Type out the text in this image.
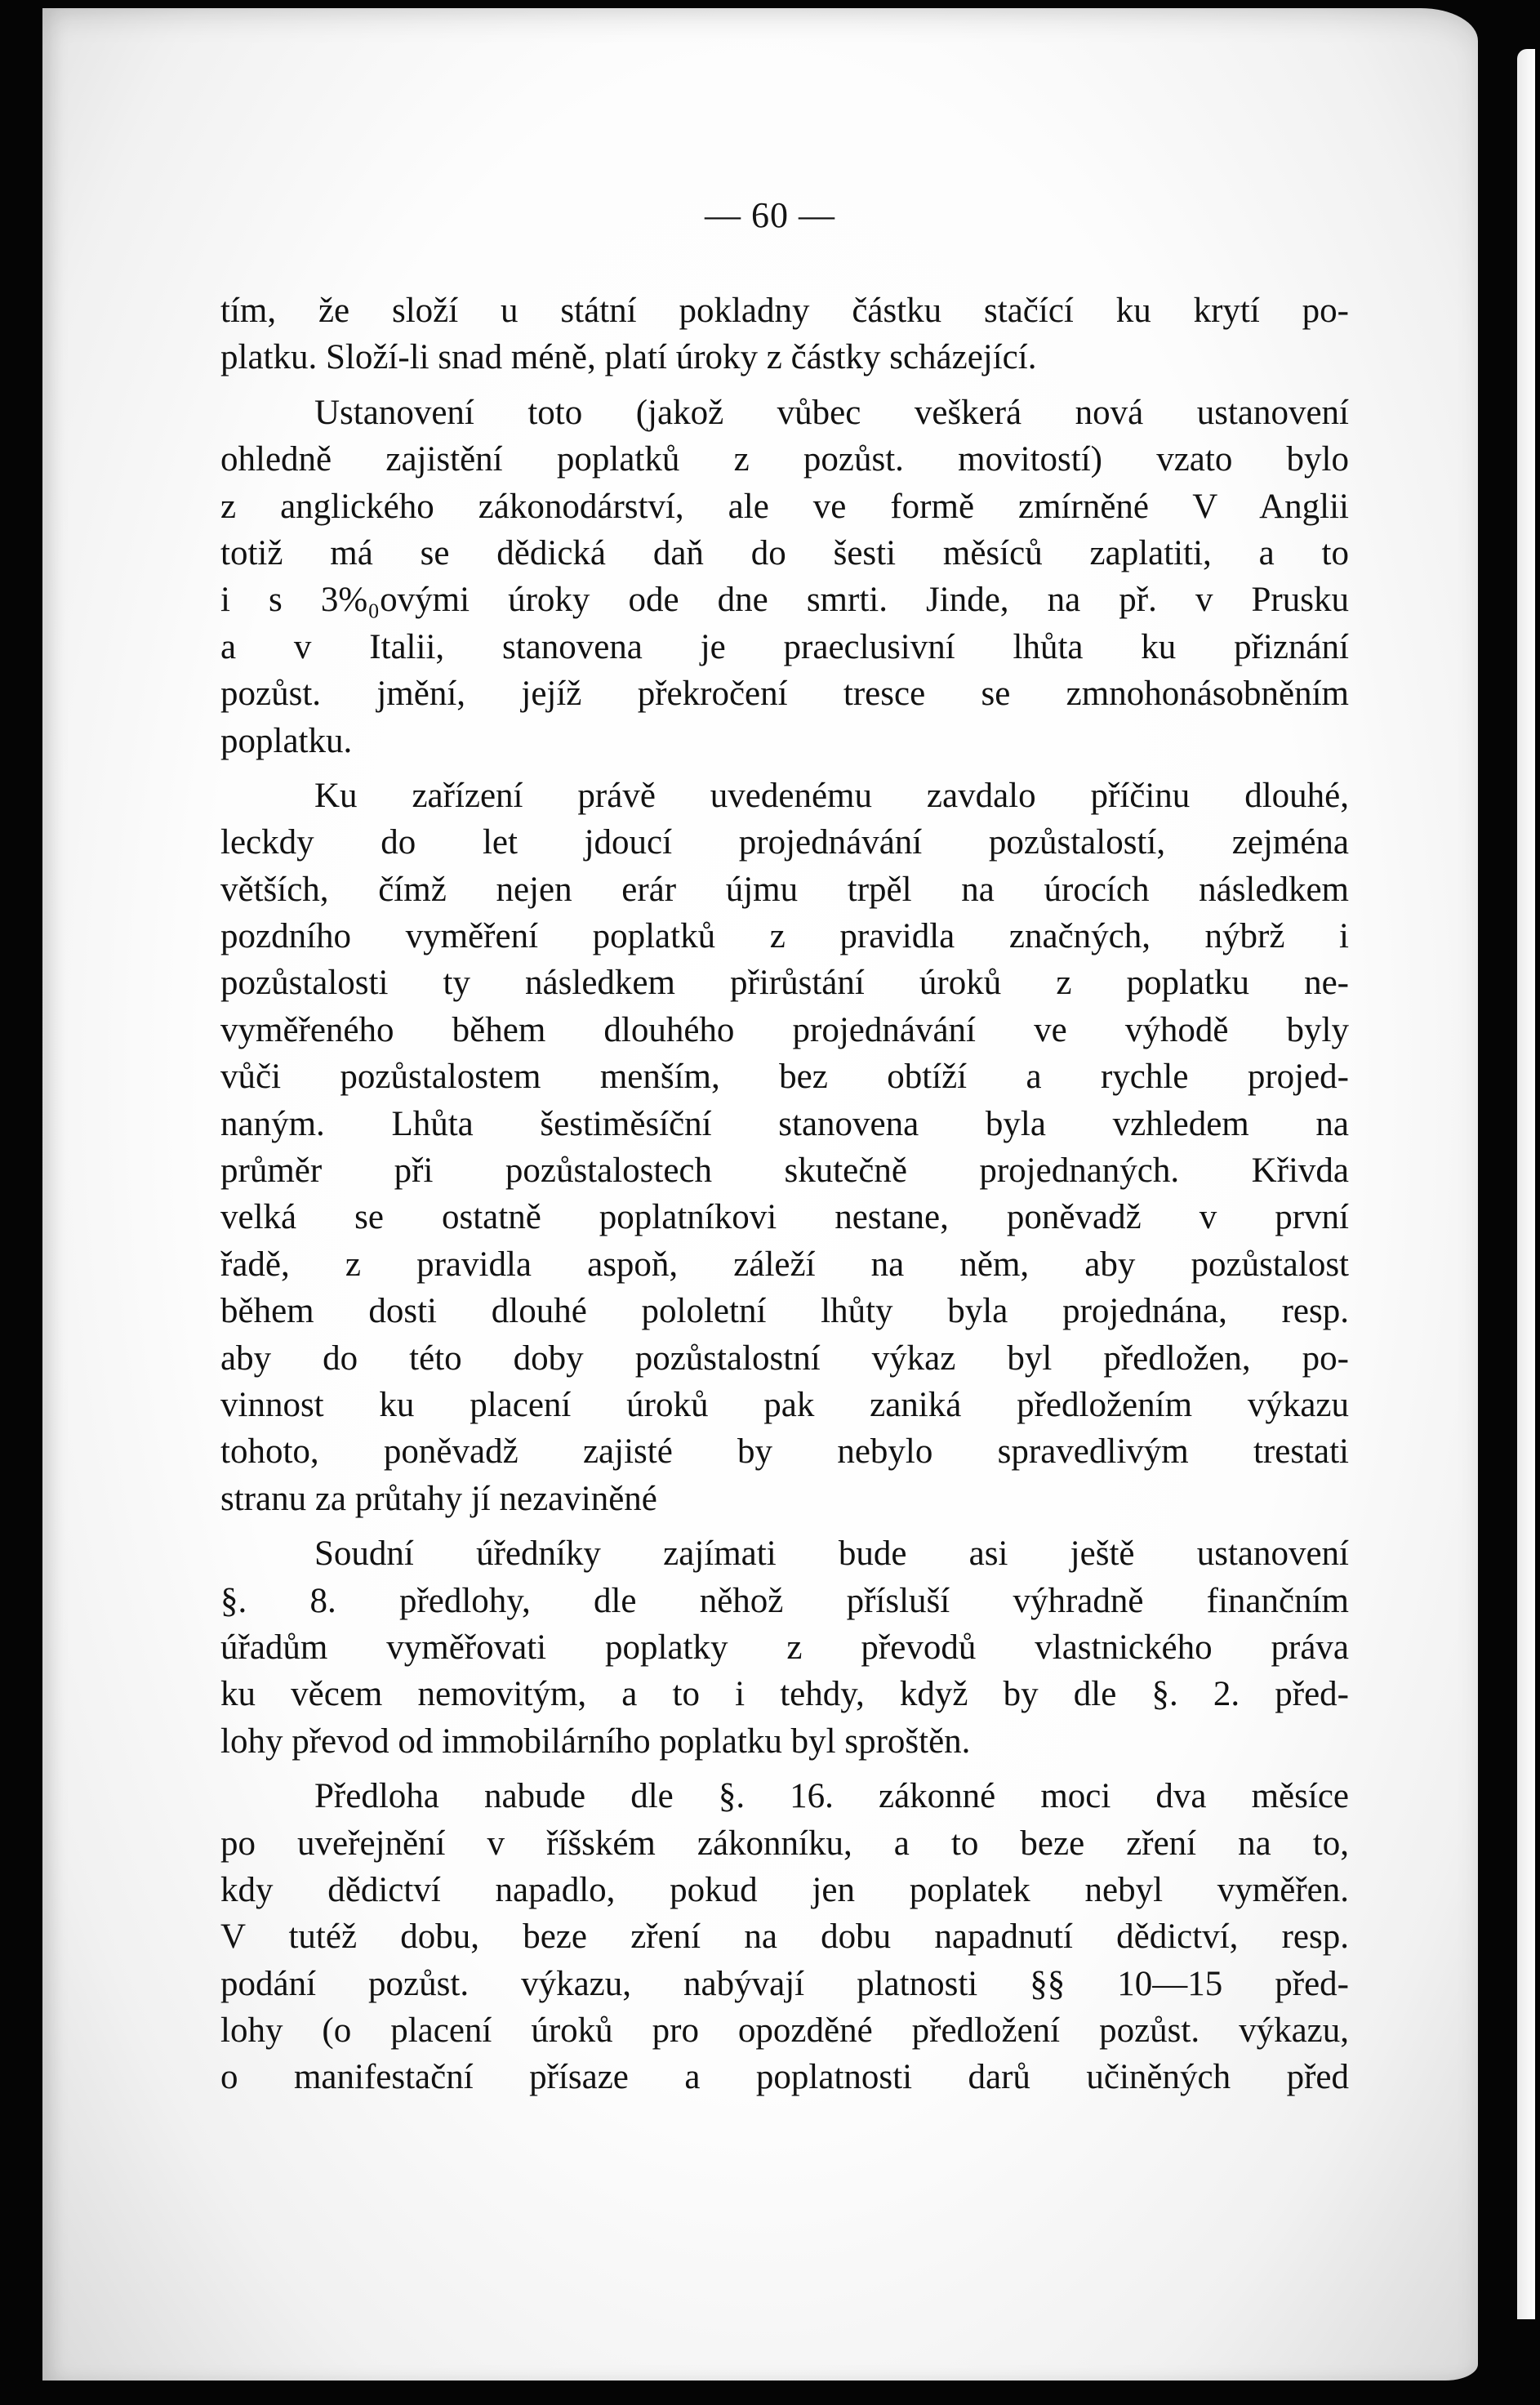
— 60 —
tím, že složí u státní pokladny částku stačící ku krytí po-
platku. Složí-li snad méně, platí úroky z částky scházející.
Ustanovení toto (jakož vůbec veškerá nová ustanovení
ohledně zajistění poplatků z pozůst. movitostí) vzato bylo
z anglického zákonodárství, ale ve formě zmírněné V Anglii
totiž má se dědická daň do šesti měsíců zaplatiti, a to
i s 3%₀ovými úroky ode dne smrti. Jinde, na př. v Prusku
a v Italii, stanovena je praeclusivní lhůta ku přiznání
pozůst. jmění, jejíž překročení tresce se zmnohonásobněním
poplatku.
Ku zařízení právě uvedenému zavdalo příčinu dlouhé,
leckdy do let jdoucí projednávání pozůstalostí, zejména
větších, čímž nejen erár újmu trpěl na úrocích následkem
pozdního vyměření poplatků z pravidla značných, nýbrž i
pozůstalosti ty následkem přirůstání úroků z poplatku ne-
vyměřeného během dlouhého projednávání ve výhodě byly
vůči pozůstalostem menším, bez obtíží a rychle projed-
naným. Lhůta šestiměsíční stanovena byla vzhledem na
průměr při pozůstalostech skutečně projednaných. Křivda
velká se ostatně poplatníkovi nestane, poněvadž v první
řadě, z pravidla aspoň, záleží na něm, aby pozůstalost
během dosti dlouhé pololetní lhůty byla projednána, resp.
aby do této doby pozůstalostní výkaz byl předložen, po-
vinnost ku placení úroků pak zaniká předložením výkazu
tohoto, poněvadž zajisté by nebylo spravedlivým trestati
stranu za průtahy jí nezaviněné
Soudní úředníky zajímati bude asi ještě ustanovení
§. 8. předlohy, dle něhož přísluší výhradně finančním
úřadům vyměřovati poplatky z převodů vlastnického práva
ku věcem nemovitým, a to i tehdy, když by dle §. 2. před-
lohy převod od immobilárního poplatku byl sproštěn.
Předloha nabude dle §. 16. zákonné moci dva měsíce
po uveřejnění v říšském zákonníku, a to beze zření na to,
kdy dědictví napadlo, pokud jen poplatek nebyl vyměřen.
V tutéž dobu, beze zření na dobu napadnutí dědictví, resp.
podání pozůst. výkazu, nabývají platnosti §§ 10—15 před-
lohy (o placení úroků pro opozděné předložení pozůst. výkazu,
o manifestační přísaze a poplatnosti darů učiněných před
